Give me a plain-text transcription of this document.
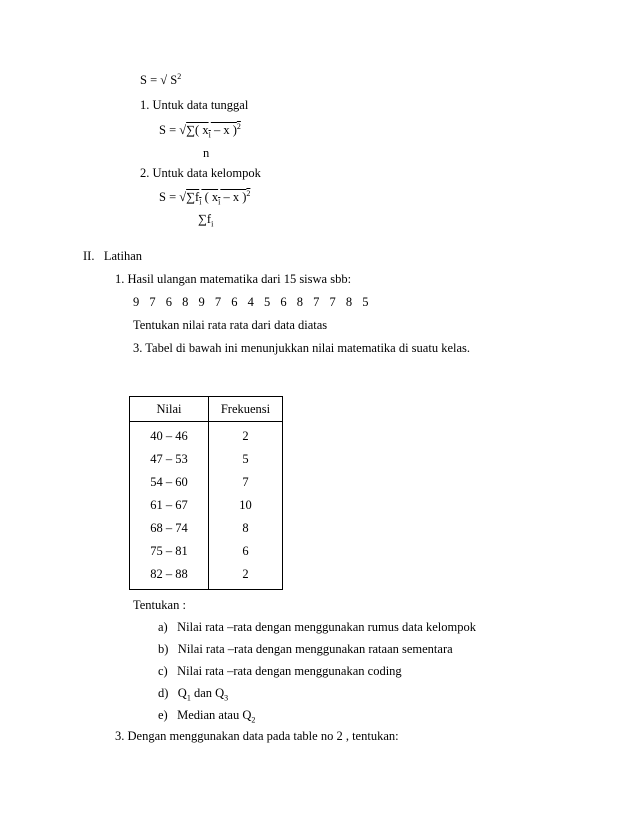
S = √ $S^2$
1. Untuk data tunggal
S = √∑( $x_i$ – x )$^2$
n
2. Untuk data kelompok
$S = √\sum f_i$ ( $x_i$ – x )$^2$
$\sum f_i$
II. Latihan
1. Hasil ulangan matematika dari 15 siswa sbb:
9 7 6 8 9 7 6 4 5 6 8 7 7 8 5
Tentukan nilai rata rata dari data diatas
3. Tabel di bawah ini menunjukkan nilai matematika di suatu kelas.
Nilai	Frekuensi
40 – 46	2
47 – 53	5
54 – 60	7
61 – 67	10
68 – 74	8
75 – 81	6
82 – 88	2
Tentukan :
a) Nilai rata –rata dengan menggunakan rumus data kelompok
b) Nilai rata –rata dengan menggunakan rataan sementara
c) Nilai rata –rata dengan menggunakan coding
d) $Q_1$ dan $Q_3$
e) Median atau $Q_2$
3. Dengan menggunakan data pada table no 2 , tentukan:
